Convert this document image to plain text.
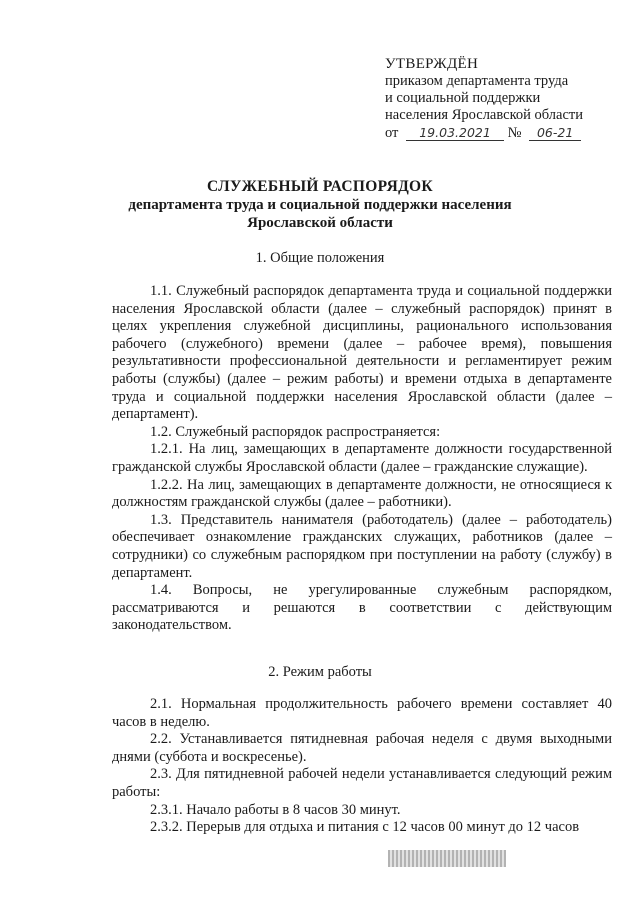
УТВЕРЖДЁН
приказом департамента труда
и социальной поддержки
населения Ярославской области
от 19.03.2021 № 06-21
СЛУЖЕБНЫЙ РАСПОРЯДОК
департамента труда и социальной поддержки населения
Ярославской области
1. Общие положения

1.1. Служебный распорядок департамента труда и социальной поддержки населения Ярославской области (далее – служебный распорядок) принят в целях укрепления служебной дисциплины, рационального использования рабочего (служебного) времени (далее – рабочее время), повышения результативности профессиональной деятельности и регламентирует режим работы (службы) (далее – режим работы) и времени отдыха в департаменте труда и социальной поддержки населения Ярославской области (далее – департамент).

1.2. Служебный распорядок распространяется:

1.2.1. На лиц, замещающих в департаменте должности государственной гражданской службы Ярославской области (далее – гражданские служащие).

1.2.2. На лиц, замещающих в департаменте должности, не относящиеся к должностям гражданской службы (далее – работники).

1.3. Представитель нанимателя (работодатель) (далее – работодатель) обеспечивает ознакомление гражданских служащих, работников (далее – сотрудники) со служебным распорядком при поступлении на работу (службу) в департамент.

1.4. Вопросы, не урегулированные служебным распорядком, рассматриваются и решаются в соответствии с действующим законодательством.

2. Режим работы

2.1. Нормальная продолжительность рабочего времени составляет 40 часов в неделю.

2.2. Устанавливается пятидневная рабочая неделя с двумя выходными днями (суббота и воскресенье).

2.3. Для пятидневной рабочей недели устанавливается следующий режим работы:

2.3.1. Начало работы в 8 часов 30 минут.

2.3.2. Перерыв для отдыха и питания с 12 часов 00 минут до 12 часов
